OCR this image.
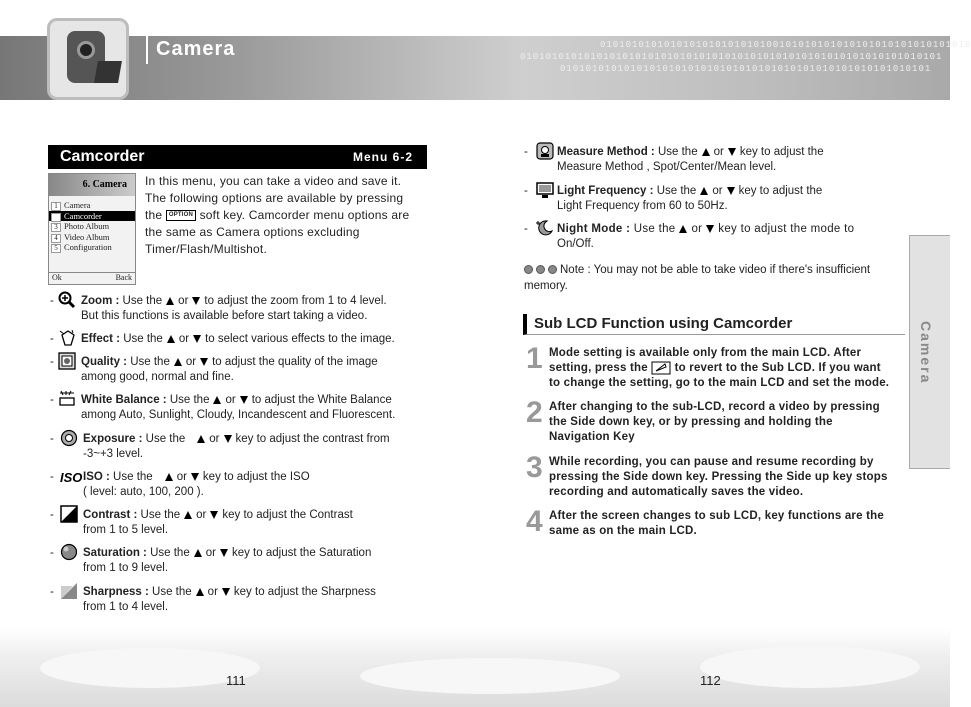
0101010101010101010101010100101010101010101010101010101010
010101010101010101010101010101010101010101010101010101010101010101
0101010101010101010101010101010101010101010101010101010101
Camera
Camcorder	Menu 6-2
6. Camera
1 Camera
2 Camcorder
3 Photo Album
4 Video Album
5 Configuration
Ok	Back
In this menu, you can take a video and save it.
The following options are available by pressing
the OPTION soft key. Camcorder menu options are
the same as Camera options excluding
Timer/Flash/Multishot.
- Zoom : Use the or to adjust the zoom from 1 to 4 level.
But this functions is available before start taking a video.
- Effect : Use the or to select various effects to the image.
- Quality : Use the or to adjust the quality of the image
among good, normal and fine.
- White Balance : Use the or to adjust the White Balance
among Auto, Sunlight, Cloudy, Incandescent and Fluorescent.
-	Exposure : Use the or key to adjust the contrast from
-3~+3 level.
- ISO ISO : Use the or key to adjust the ISO
( level: auto, 100, 200 ).
-	Contrast : Use the or key to adjust the Contrast
from 1 to 5 level.
-	Saturation : Use the or key to adjust the Saturation
from 1 to 9 level.
-	Sharpness : Use the or key to adjust the Sharpness
from 1 to 4 level.
-	Measure Method : Use the or key to adjust the
Measure Method , Spot/Center/Mean level.
-	Light Frequency : Use the or key to adjust the
Light Frequency from 60 to 50Hz.
-	Night Mode : Use the or key to adjust the mode to
On/Off.
Note : You may not be able to take video if there's insufficient
memory.
Sub LCD Function using Camcorder
1 Mode setting is available only from the main LCD. After
setting, press the to revert to the Sub LCD. If you want
to change the setting, go to the main LCD and set the mode.
2 After changing to the sub-LCD, record a video by pressing
the Side down key, or by pressing and holding the
Navigation Key
3 While recording, you can pause and resume recording by
pressing the Side down key. Pressing the Side up key stops
recording and automatically saves the video.
4 After the screen changes to sub LCD, key functions are the
same as on the main LCD.
Camera
111	112
